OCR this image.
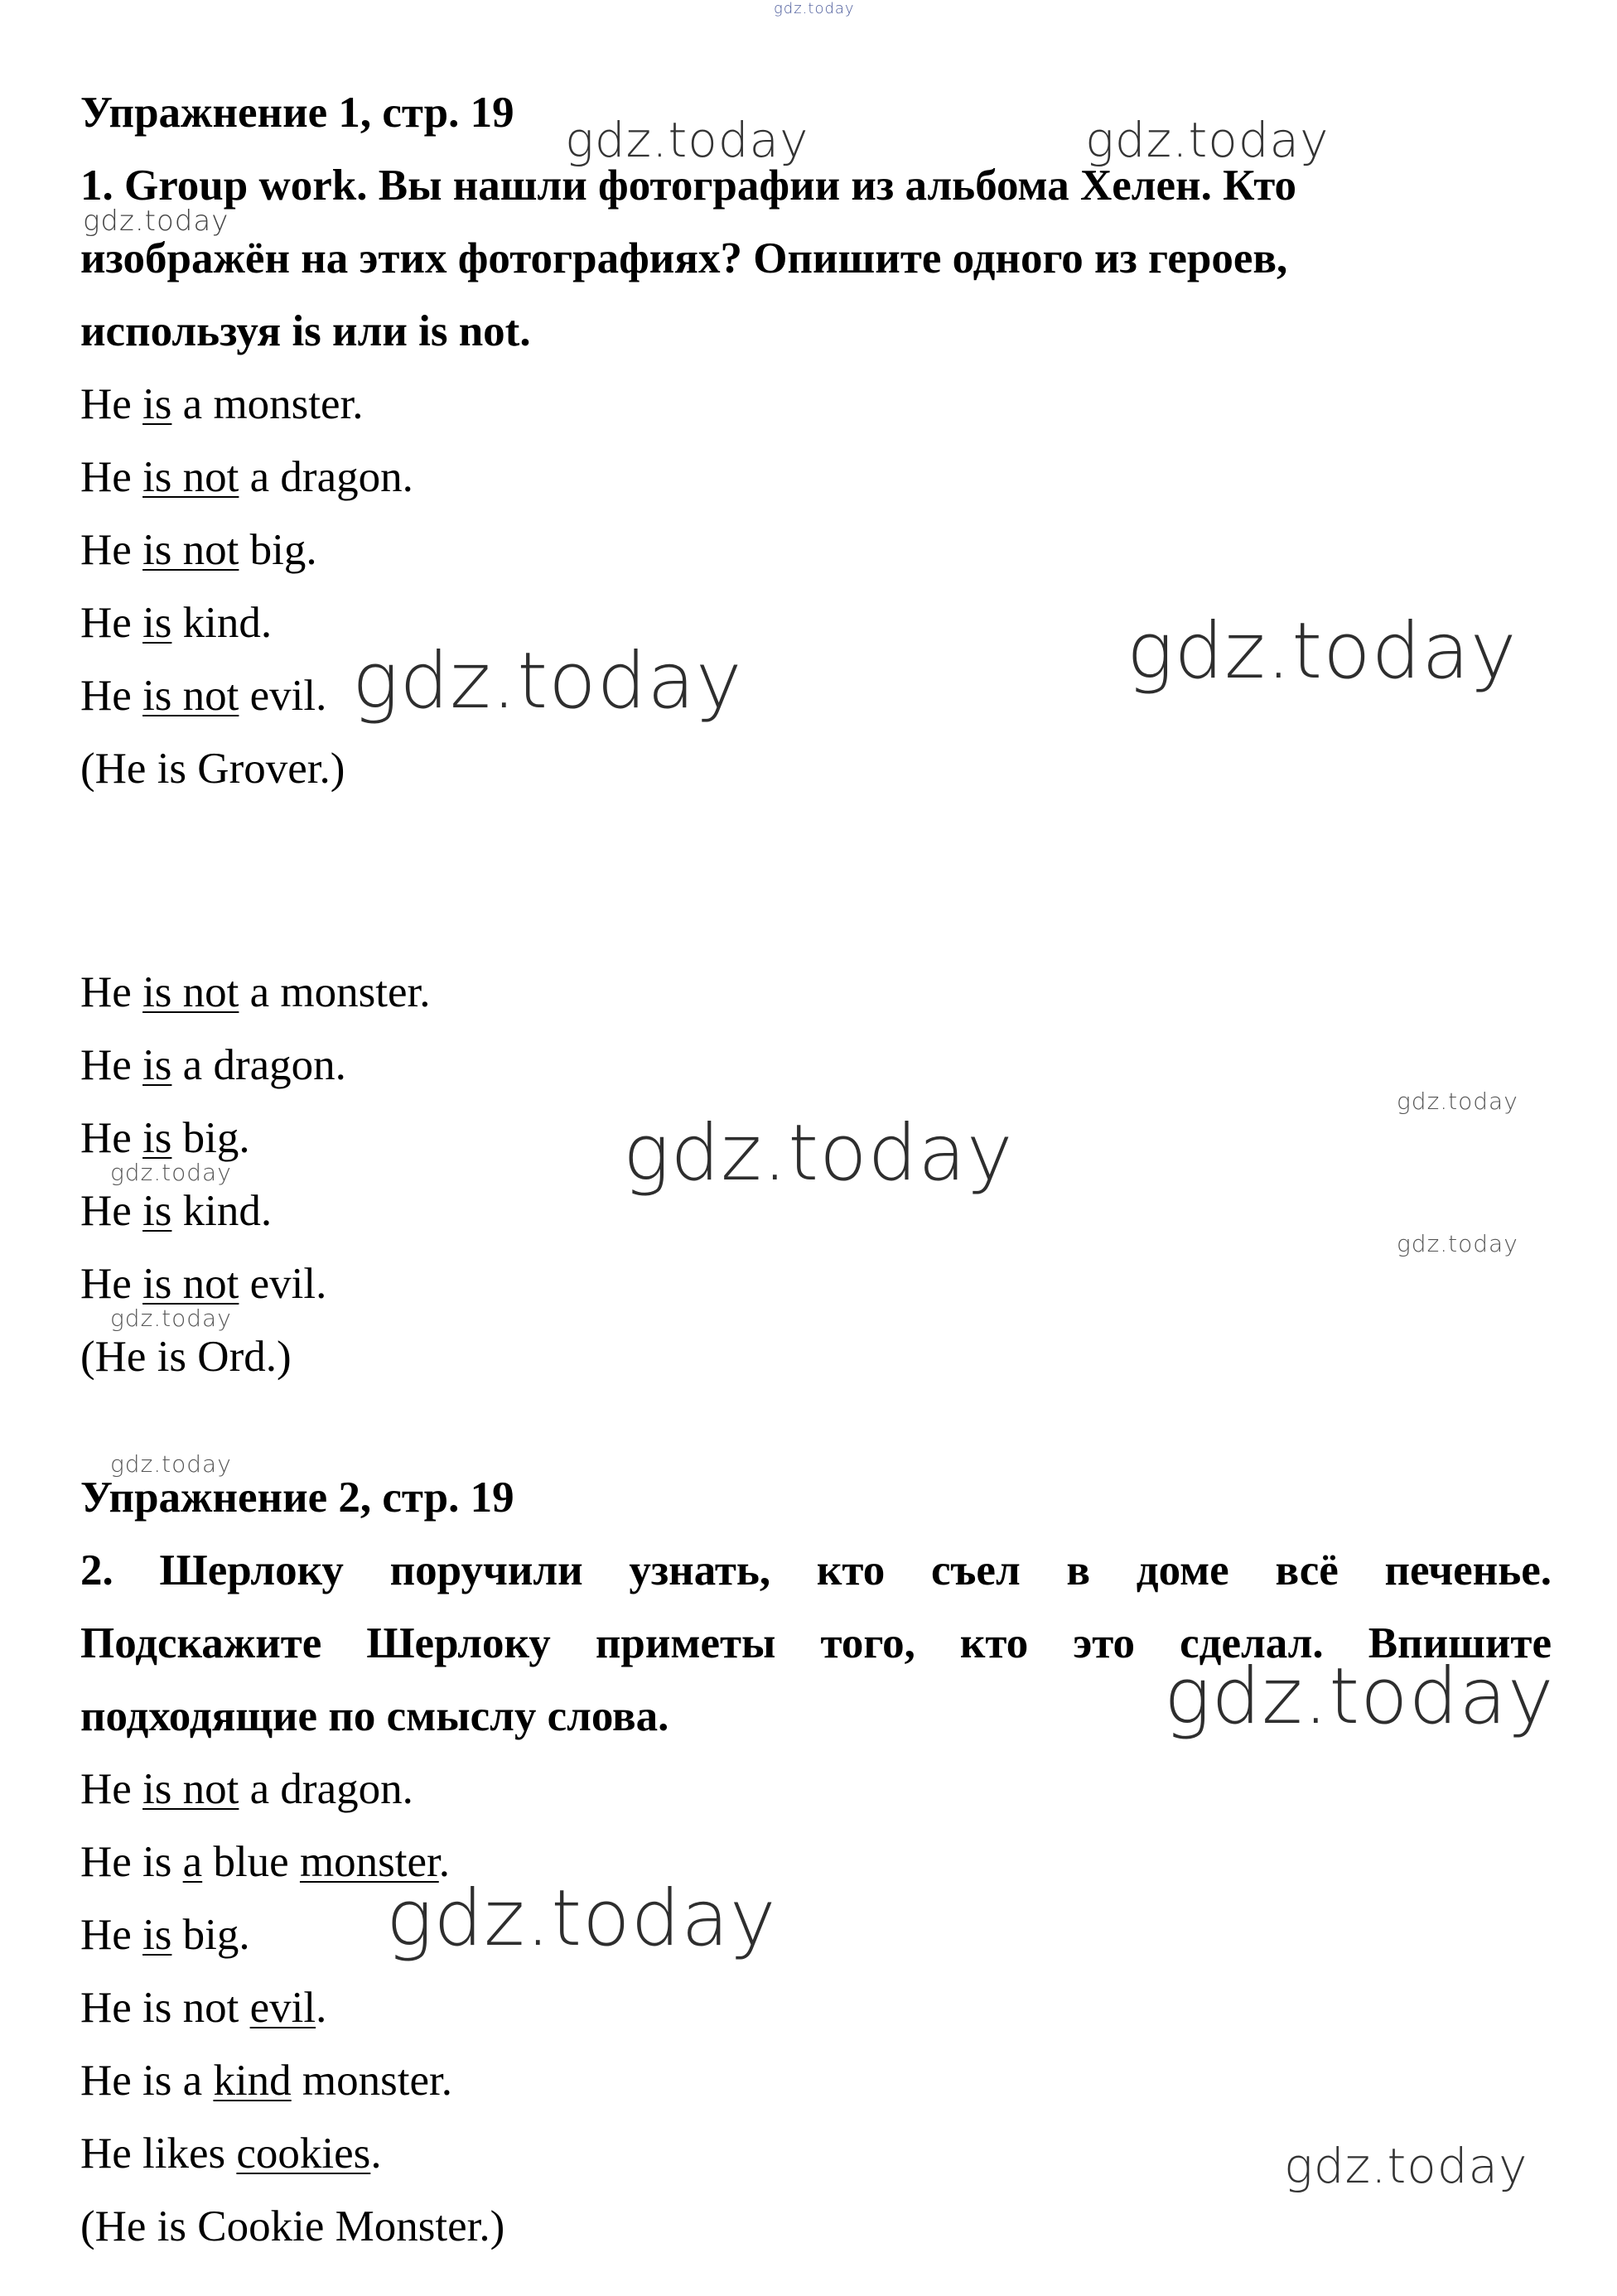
Упражнение 1, стр. 19

1. Group work. Вы нашли фотографии из альбома Хелен. Кто

изображён на этих фотографиях? Опишите одного из героев,

используя is или is not.

He is a monster.

He is not a dragon.

He is not big.

He is kind.

He is not evil.

(He is Grover.)

He is not a monster.

He is a dragon.

He is big.

He is kind.

He is not evil.

(He is Ord.)

Упражнение 2, стр. 19

2. Шерлоку поручили узнать, кто съел в доме всё печенье.

Подскажите Шерлоку приметы того, кто это сделал. Впишите

подходящие по смыслу слова.

He is not a dragon.

He is a blue monster.

He is big.

He is not evil.

He is a kind monster.

He likes cookies.

(He is Cookie Monster.)

gdz.today

gdz.today	gdz.today

gdz.today

gdz.today	gdz.today

gdz.today

gdz.today

gdz.today

gdz.today

gdz.today

gdz.today

gdz.today

gdz.today

gdz.today
